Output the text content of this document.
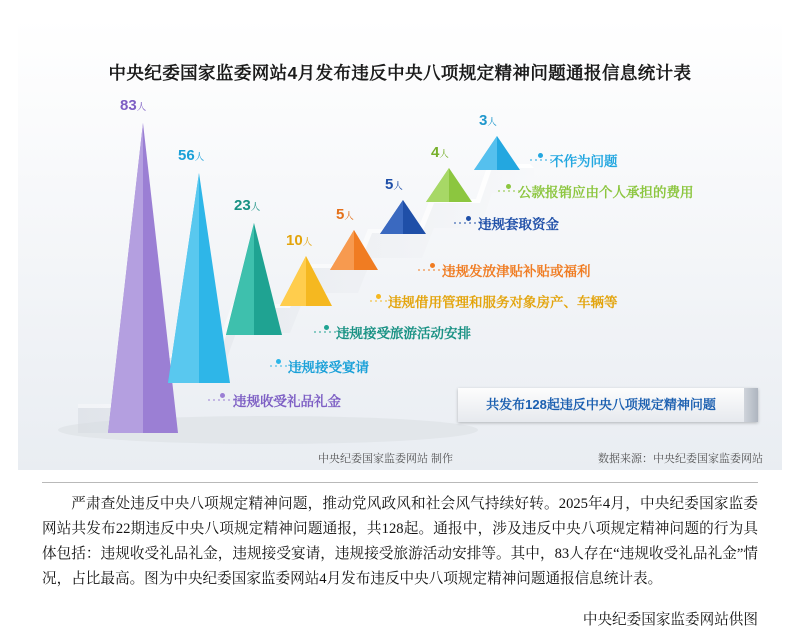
中央纪委国家监委网站4月发布违反中央八项规定精神问题通报信息统计表
83人
56人
23人
10人
5人
5人
4人
3人
违规收受礼品礼金
违规接受宴请
违规接受旅游活动安排
违规借用管理和服务对象房产、车辆等
违规发放津贴补贴或福利
违规套取资金
公款报销应由个人承担的费用
不作为问题
共发布128起违反中央八项规定精神问题
中央纪委国家监委网站 制作	数据来源：中央纪委国家监委网站
严肃查处违反中央八项规定精神问题，推动党风政风和社会风气持续好转。2025年4月，中央纪委国家监委网站共发布22期违反中央八项规定精神问题通报，共128起。通报中，涉及违反中央八项规定精神问题的行为具体包括：违规收受礼品礼金，违规接受宴请，违规接受旅游活动安排等。其中，83人存在“违规收受礼品礼金”情况，占比最高。图为中央纪委国家监委网站4月发布违反中央八项规定精神问题通报信息统计表。
中央纪委国家监委网站供图
